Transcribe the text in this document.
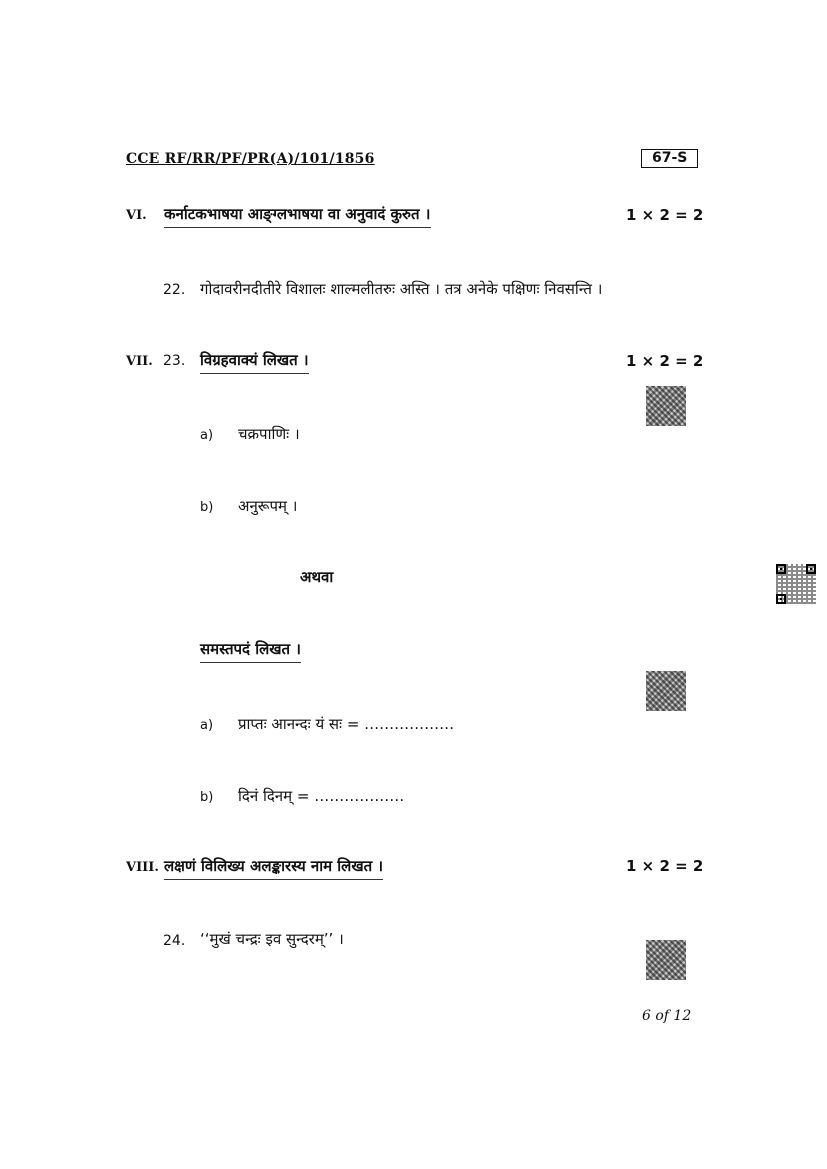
CCE RF/RR/PF/PR(A)/101/1856	67-S
VI. कर्नाटकभाषया आङ्ग्लभाषया वा अनुवादं कुरुत ।	1 × 2 = 2
22. गोदावरीनदीतीरे विशालः शाल्मलीतरुः अस्ति । तत्र अनेके पक्षिणः निवसन्ति ।
VII. 23. विग्रहवाक्यं लिखत ।	1 × 2 = 2
a) चक्रपाणिः ।
b) अनुरूपम् ।
अथवा
समस्तपदं लिखत ।
a) प्राप्तः आनन्दः यं सः = ………………
b) दिनं दिनम् = ………………
VIII. लक्षणं विलिख्य अलङ्कारस्य नाम लिखत ।	1 × 2 = 2
24. ‘‘मुखं चन्द्रः इव सुन्दरम्’’ ।
6 of 12
